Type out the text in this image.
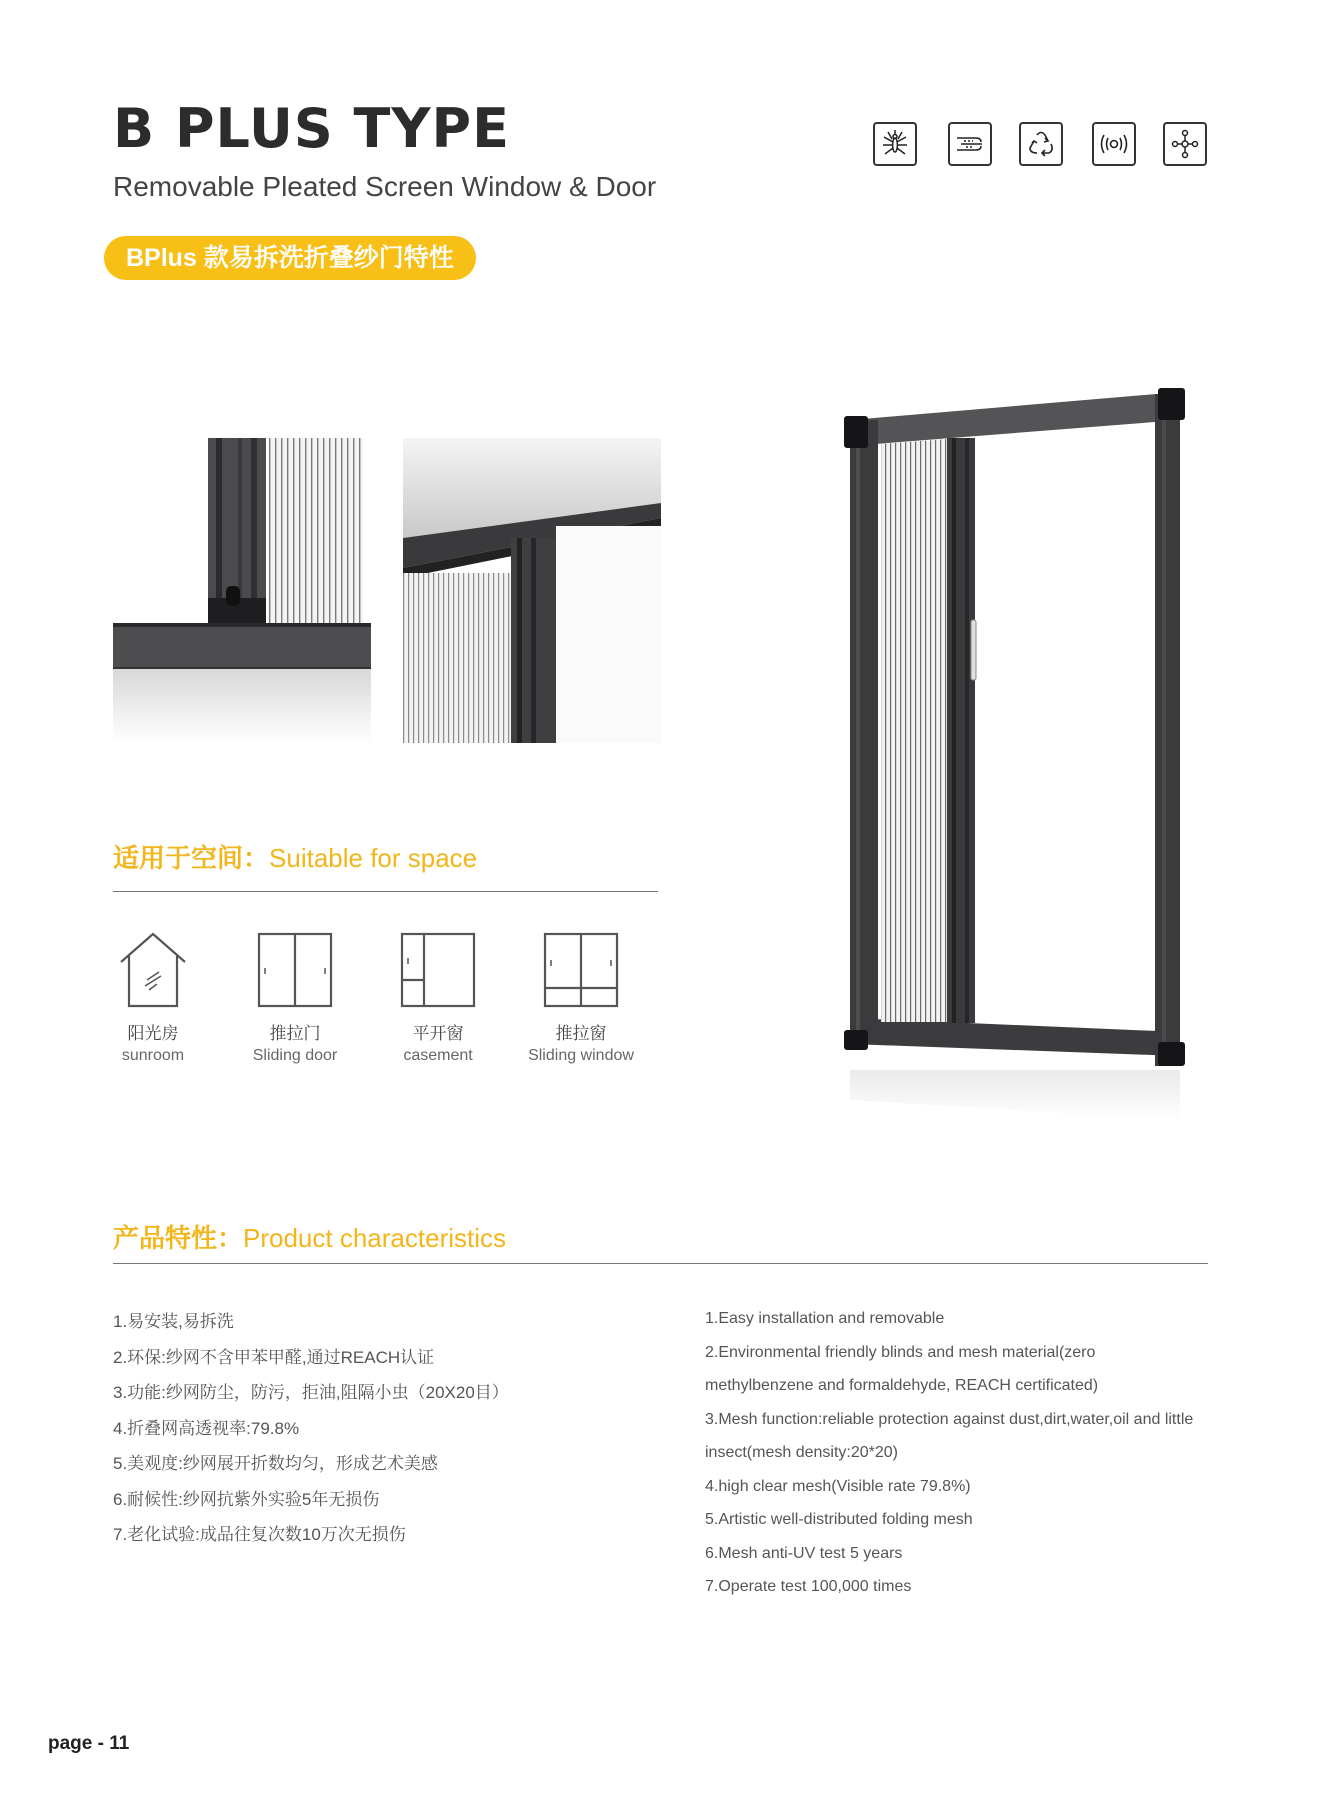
B PLUS TYPE
Removable Pleated Screen Window & Door
BPlus 款易拆洗折叠纱门特性
适用于空间：Suitable for space
阳光房
sunroom
推拉门
Sliding door
平开窗
casement
推拉窗
Sliding window
产品特性：Product characteristics
1.易安装,易拆洗
2.环保:纱网不含甲苯甲醛,通过REACH认证
3.功能:纱网防尘，防污，拒油,阻隔小虫（20X20目）
4.折叠网高透视率:79.8%
5.美观度:纱网展开折数均匀，形成艺术美感
6.耐候性:纱网抗紫外实验5年无损伤
7.老化试验:成品往复次数10万次无损伤
1.Easy installation and removable
2.Environmental friendly blinds and mesh material(zero methylbenzene and formaldehyde, REACH certificated)
3.Mesh function:reliable protection against dust,dirt,water,oil and little insect(mesh density:20*20)
4.high clear mesh(Visible rate 79.8%)
5.Artistic well-distributed folding mesh
6.Mesh anti-UV test 5 years
7.Operate test 100,000 times
page - 11
